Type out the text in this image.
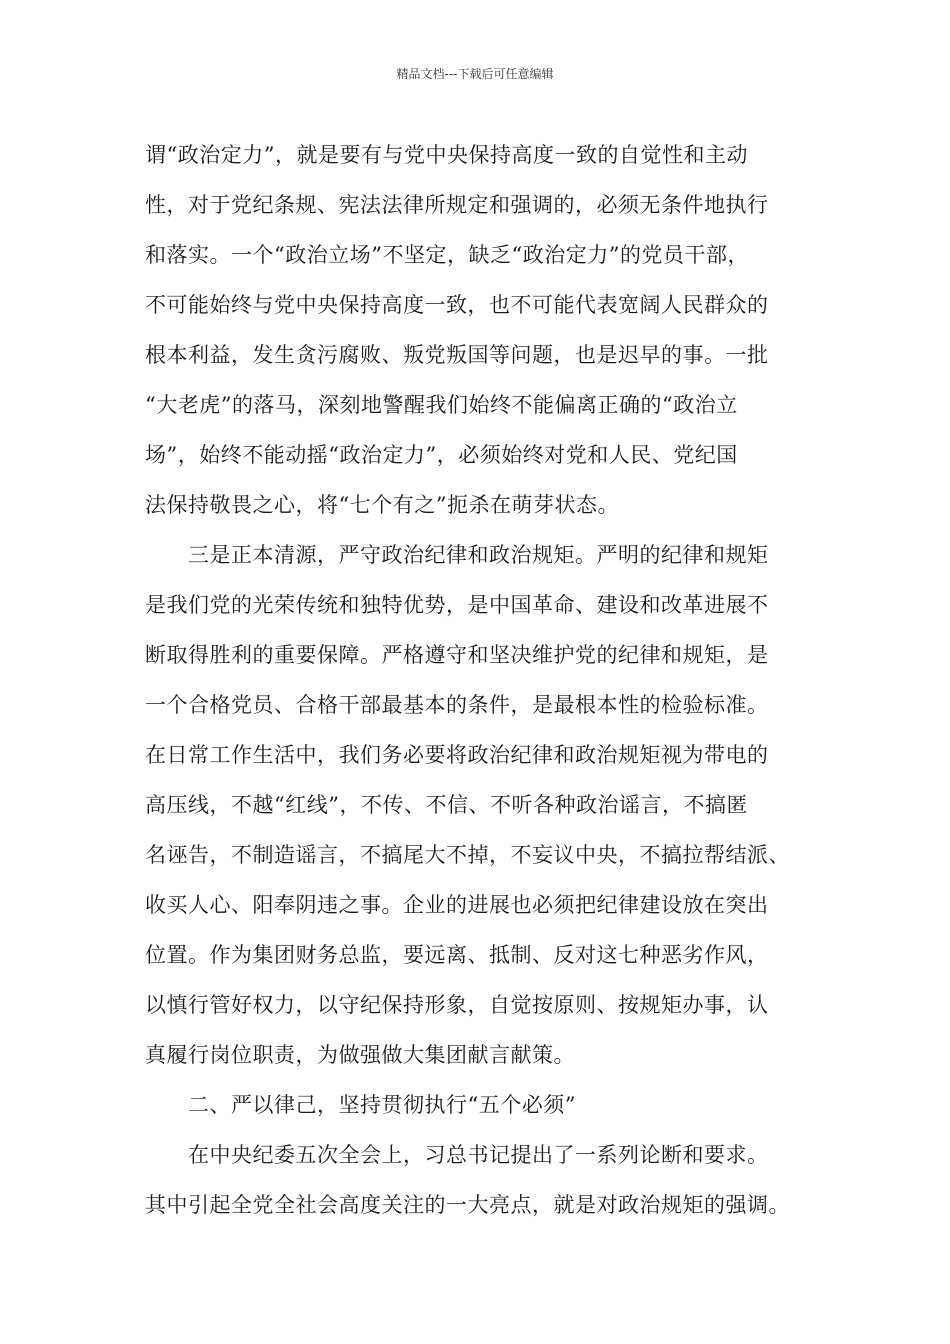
精品文档---下载后可任意编辑
谓“政治定力”，就是要有与党中央保持高度一致的自觉性和主动
性，对于党纪条规、宪法法律所规定和强调的，必须无条件地执行
和落实。一个“政治立场”不坚定，缺乏“政治定力”的党员干部，
不可能始终与党中央保持高度一致，也不可能代表宽阔人民群众的
根本利益，发生贪污腐败、叛党叛国等问题，也是迟早的事。一批
“大老虎”的落马，深刻地警醒我们始终不能偏离正确的“政治立
场”，始终不能动摇“政治定力”，必须始终对党和人民、党纪国
法保持敬畏之心，将“七个有之”扼杀在萌芽状态。
　　三是正本清源，严守政治纪律和政治规矩。严明的纪律和规矩
是我们党的光荣传统和独特优势，是中国革命、建设和改革进展不
断取得胜利的重要保障。严格遵守和坚决维护党的纪律和规矩，是
一个合格党员、合格干部最基本的条件，是最根本性的检验标准。
在日常工作生活中，我们务必要将政治纪律和政治规矩视为带电的
高压线，不越“红线”，不传、不信、不听各种政治谣言，不搞匿
名诬告，不制造谣言，不搞尾大不掉，不妄议中央，不搞拉帮结派、
收买人心、阳奉阴违之事。企业的进展也必须把纪律建设放在突出
位置。作为集团财务总监，要远离、抵制、反对这七种恶劣作风，
以慎行管好权力，以守纪保持形象，自觉按原则、按规矩办事，认
真履行岗位职责，为做强做大集团献言献策。
　　二、严以律己，坚持贯彻执行“五个必须”
　　在中央纪委五次全会上，习总书记提出了一系列论断和要求。
其中引起全党全社会高度关注的一大亮点，就是对政治规矩的强调。
